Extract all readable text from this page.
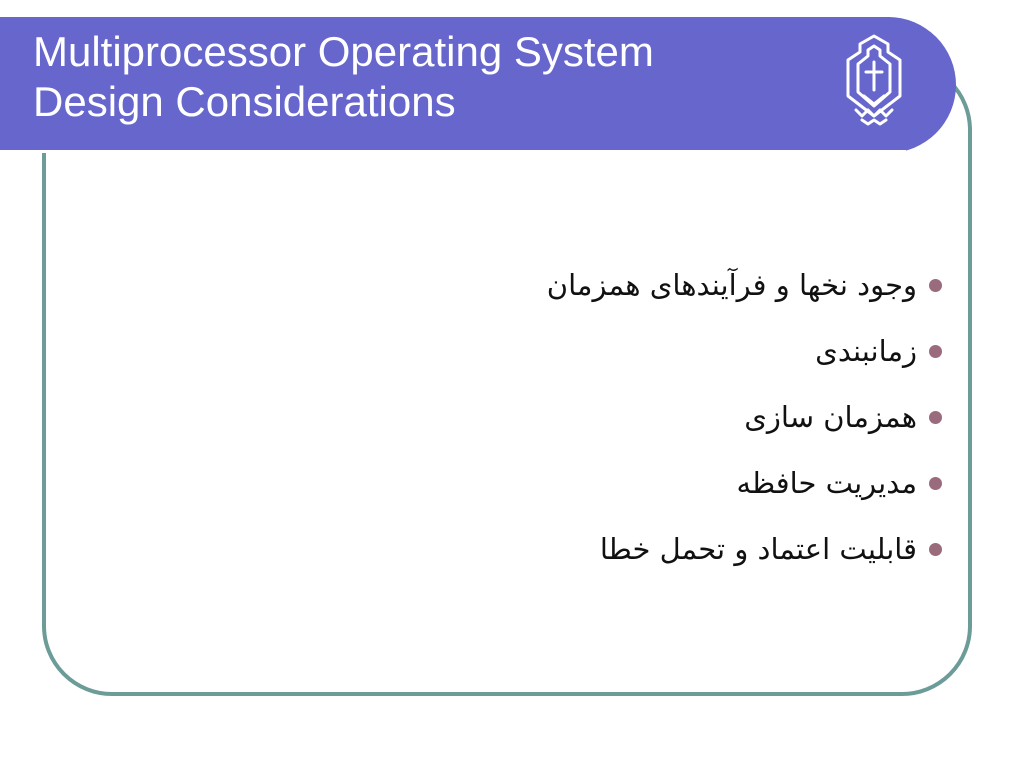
Multiprocessor Operating System
Design Considerations
وجود نخها و فرآیندهای همزمان
زمانبندی
همزمان سازی
مدیریت حافظه
قابلیت اعتماد و تحمل خطا
